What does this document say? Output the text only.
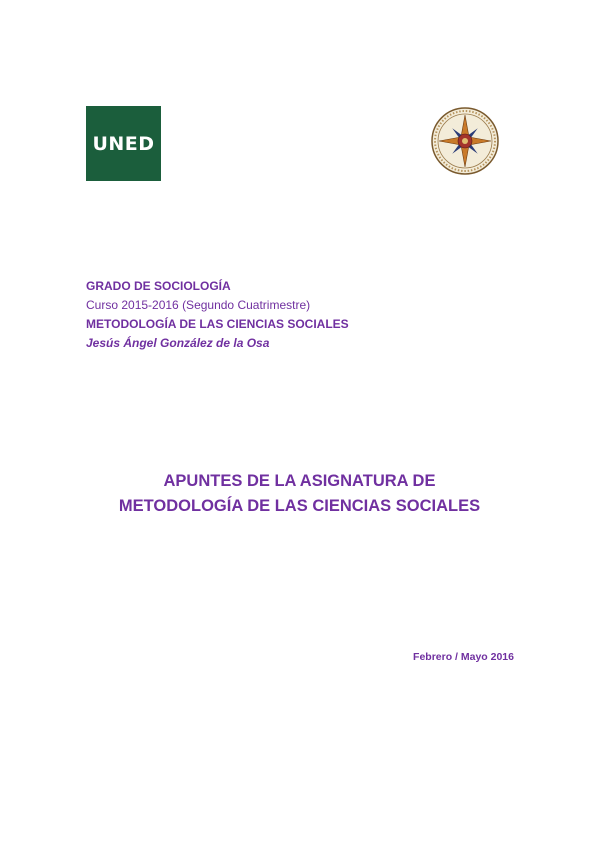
UNED
GRADO DE SOCIOLOGÍA
Curso 2015-2016 (Segundo Cuatrimestre)
METODOLOGÍA DE LAS CIENCIAS SOCIALES
Jesús Ángel González de la Osa
APUNTES DE LA ASIGNATURA DE
METODOLOGÍA DE LAS CIENCIAS SOCIALES
Febrero / Mayo 2016
